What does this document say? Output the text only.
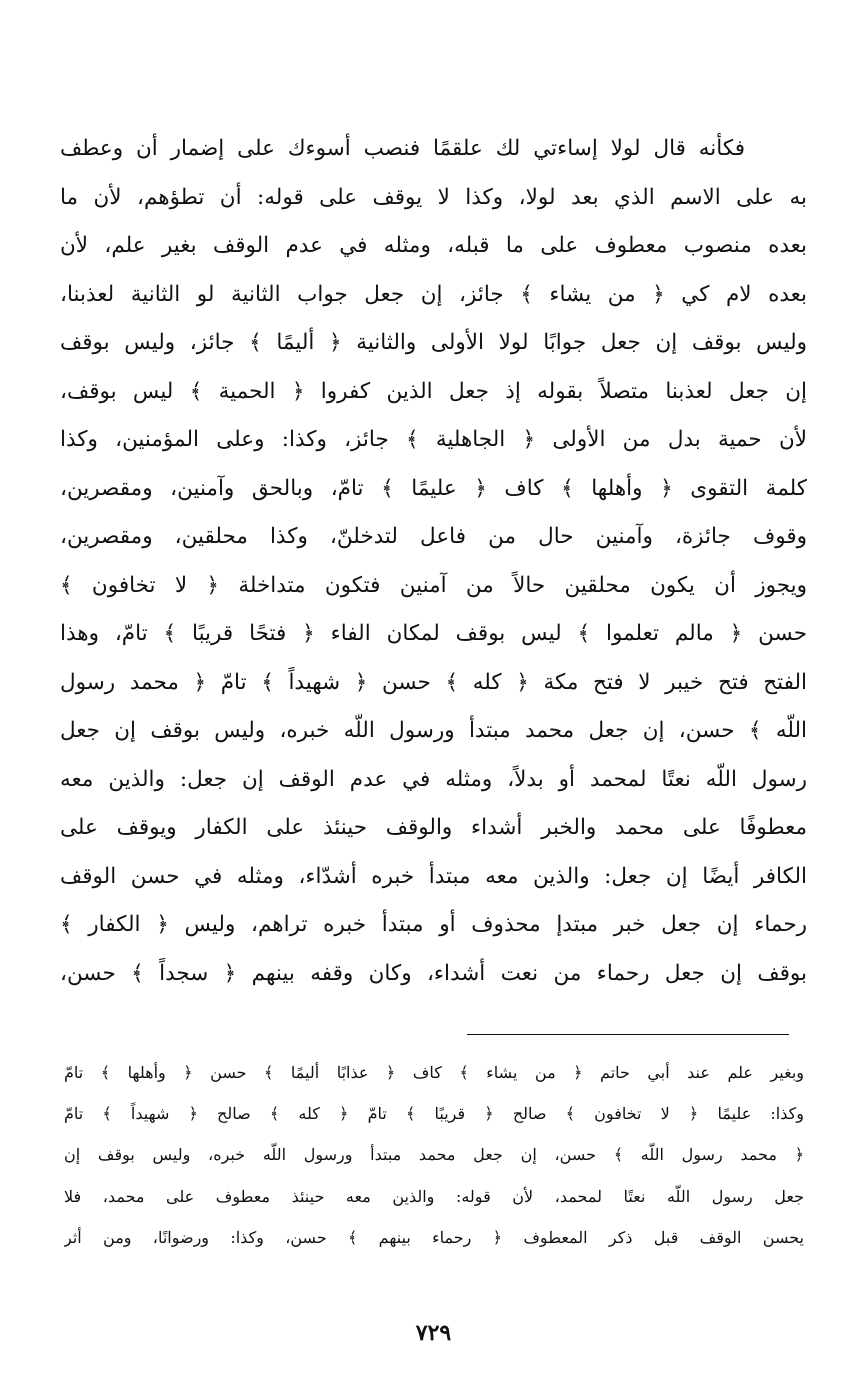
فكأنه قال لولا إساءتي لك علقمًا فنصب أسوءك على إضمار أن وعطف
به على الاسم الذي بعد لولا، وكذا لا يوقف على قوله: أن تطؤهم، لأن ما
بعده منصوب معطوف على ما قبله، ومثله في عدم الوقف بغير علم، لأن
بعده لام كي ﴿ من يشاء ﴾ جائز، إن جعل جواب الثانية لو الثانية لعذبنا،
وليس بوقف إن جعل جوابًا لولا الأولى والثانية ﴿ أليمًا ﴾ جائز، وليس بوقف
إن جعل لعذبنا متصلاً بقوله إذ جعل الذين كفروا ﴿ الحمية ﴾ ليس بوقف،
لأن حمية بدل من الأولى ﴿ الجاهلية ﴾ جائز، وكذا: وعلى المؤمنين، وكذا
كلمة التقوى ﴿ وأهلها ﴾ كاف ﴿ عليمًا ﴾ تامّ، وبالحق وآمنين، ومقصرين،
وقوف جائزة، وآمنين حال من فاعل لتدخلنّ، وكذا محلقين، ومقصرين،
ويجوز أن يكون محلقين حالاً من آمنين فتكون متداخلة ﴿ لا تخافون ﴾
حسن ﴿ مالم تعلموا ﴾ ليس بوقف لمكان الفاء ﴿ فتحًا قريبًا ﴾ تامّ، وهذا
الفتح فتح خيبر لا فتح مكة ﴿ كله ﴾ حسن ﴿ شهيداً ﴾ تامّ ﴿ محمد رسول
اللّه ﴾ حسن، إن جعل محمد مبتدأ ورسول اللّه خبره، وليس بوقف إن جعل
رسول اللّه نعتًا لمحمد أو بدلاً، ومثله في عدم الوقف إن جعل: والذين معه
معطوفًا على محمد والخبر أشداء والوقف حينئذ على الكفار ويوقف على
الكافر أيضًا إن جعل: والذين معه مبتدأ خبره أشدّاء، ومثله في حسن الوقف
رحماء إن جعل خبر مبتدإ محذوف أو مبتدأ خبره تراهم، وليس ﴿ الكفار ﴾
بوقف إن جعل رحماء من نعت أشداء، وكان وقفه بينهم ﴿ سجداً ﴾ حسن،
وبغير علم عند أبي حاتم ﴿ من يشاء ﴾ كاف ﴿ عذابًا أليمًا ﴾ حسن ﴿ وأهلها ﴾ تامّ
وكذا: عليمًا ﴿ لا تخافون ﴾ صالح ﴿ قريبًا ﴾ تامّ ﴿ كله ﴾ صالح ﴿ شهيداً ﴾ تامّ
﴿ محمد رسول اللّه ﴾ حسن، إن جعل محمد مبتدأ ورسول اللّه خبره، وليس بوقف إن
جعل رسول اللّه نعتًا لمحمد، لأن قوله: والذين معه حينئذ معطوف على محمد، فلا
يحسن الوقف قبل ذكر المعطوف ﴿ رحماء بينهم ﴾ حسن، وكذا: ورضوانًا، ومن أثر
٧٢٩
